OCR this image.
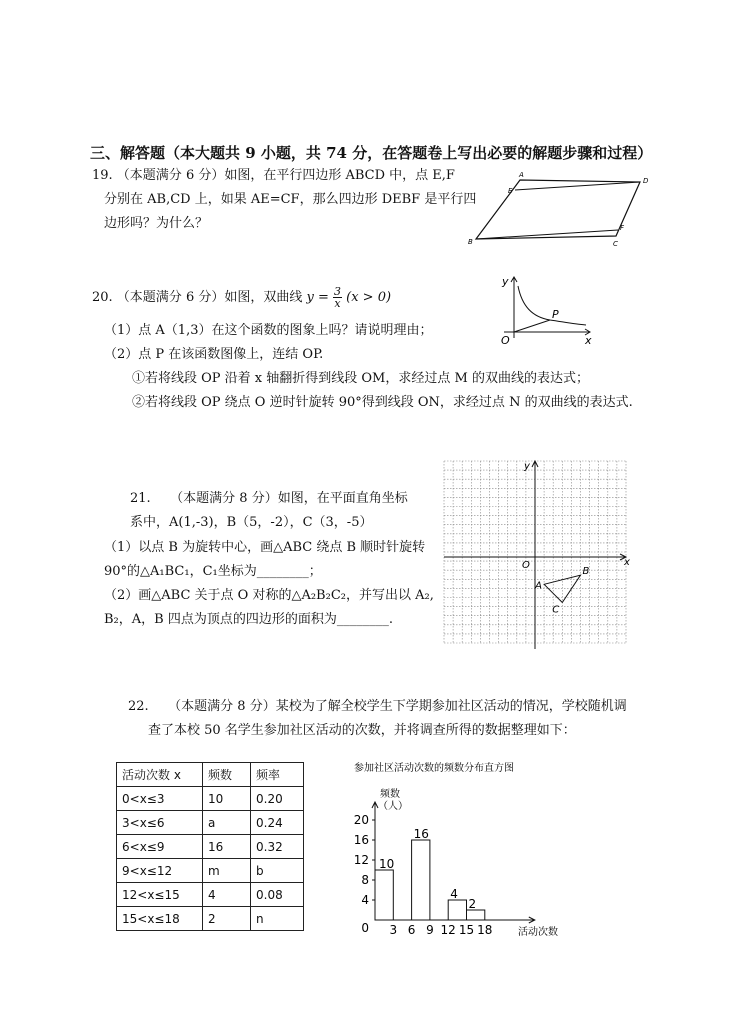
三、解答题（本大题共 9 小题，共 74 分，在答题卷上写出必要的解题步骤和过程）
19. （本题满分 6 分）如图，在平行四边形 ABCD 中，点 E,F
分别在 AB,CD 上，如果 AE=CF，那么四边形 DEBF 是平行四
边形吗？为什么？
A
E
D
F
B	C
20. （本题满分 6 分）如图，双曲线 $y = \frac{3}{x} (x > 0)$
（1）点 A（1,3）在这个函数的图象上吗？请说明理由；
（2）点 P 在该函数图像上，连结 OP.
①若将线段 OP 沿着 x 轴翻折得到线段 OM，求经过点 M 的双曲线的表达式；
②若将线段 OP 绕点 O 逆时针旋转 90°得到线段 ON，求经过点 N 的双曲线的表达式.
y
x
O
P
21.　　（本题满分 8 分）如图，在平面直角坐标
系中，A(1,-3)，B（5，-2），C（3，-5）
（1）以点 B 为旋转中心，画△ABC 绕点 B 顺时针旋转
90°的△A₁BC₁，C₁坐标为________；
（2）画△ABC 关于点 O 对称的△A₂B₂C₂，并写出以 A₂,
B₂，A，B 四点为顶点的四边形的面积为________.
y
x
O
A
B
C
22.　　（本题满分 8 分）某校为了解全校学生下学期参加社区活动的情况，学校随机调
查了本校 50 名学生参加社区活动的次数，并将调查所得的数据整理如下：
活动次数 x	频数	频率
0<x≤3	10	0.20
3<x≤6	a	0.24
6<x≤9	16	0.32
9<x≤12	m	b
12<x≤15	4	0.08
15<x≤18	2	n
参加社区活动次数的频数分布直方图
频数
（人）
活动次数
10
16
4
2
0
4
8
12
16
20
3 6 9 12 15 18
